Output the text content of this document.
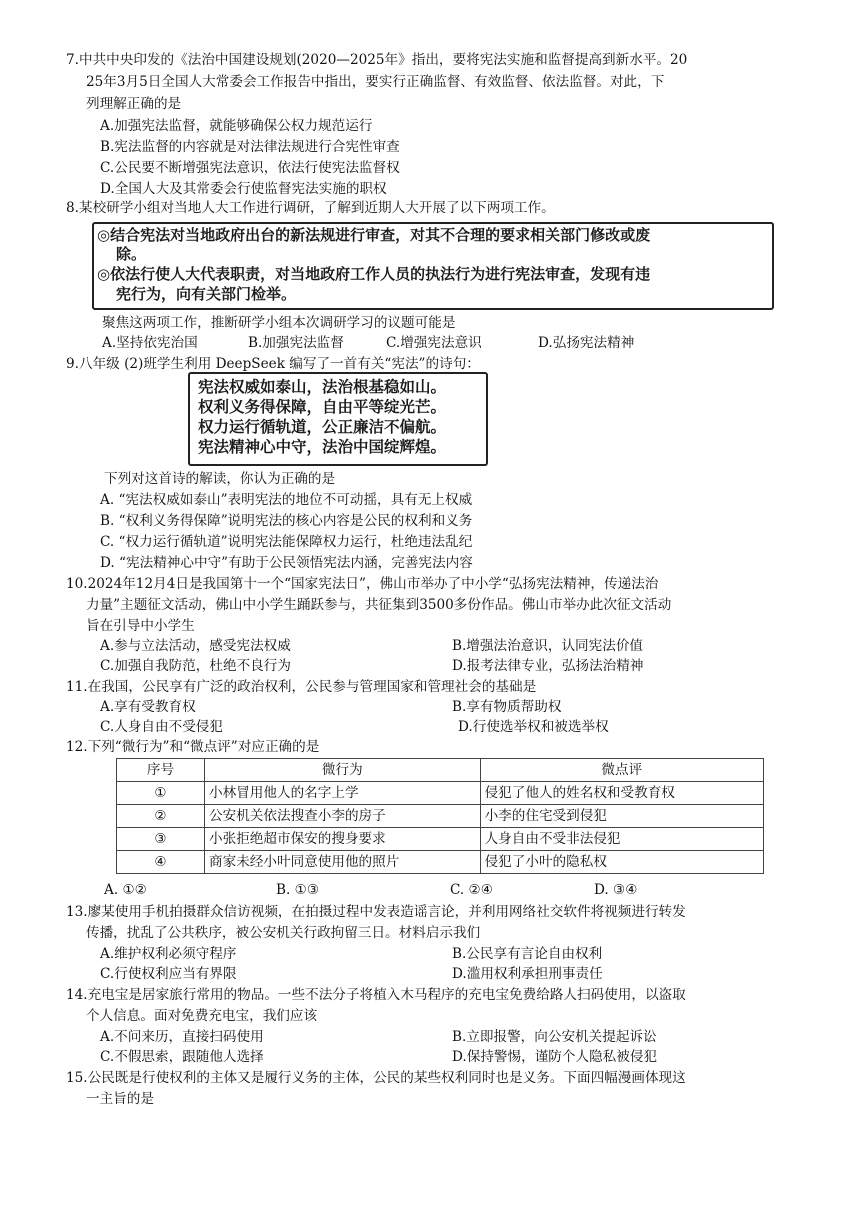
7.中共中央印发的《法治中国建设规划(2020—2025年》指出，要将宪法实施和监督提高到新水平。20
25年3月5日全国人大常委会工作报告中指出，要实行正确监督、有效监督、依法监督。对此，下
列理解正确的是
A.加强宪法监督，就能够确保公权力规范运行
B.宪法监督的内容就是对法律法规进行合宪性审查
C.公民要不断增强宪法意识，依法行使宪法监督权
D.全国人大及其常委会行使监督宪法实施的职权
8.某校研学小组对当地人大工作进行调研，了解到近期人大开展了以下两项工作。
◎结合宪法对当地政府出台的新法规进行审查，对其不合理的要求相关部门修改或废
除。
◎依法行使人大代表职责，对当地政府工作人员的执法行为进行宪法审查，发现有违
宪行为，向有关部门检举。
聚焦这两项工作，推断研学小组本次调研学习的议题可能是
A.坚持依宪治国	B.加强宪法监督	C.增强宪法意识	D.弘扬宪法精神
9.八年级 (2)班学生利用 DeepSeek 编写了一首有关“宪法”的诗句：
宪法权威如泰山，法治根基稳如山。
权利义务得保障，自由平等绽光芒。
权力运行循轨道，公正廉洁不偏航。
宪法精神心中守，法治中国绽辉煌。
下列对这首诗的解读，你认为正确的是
A. “宪法权威如泰山”表明宪法的地位不可动摇，具有无上权威
B. “权利义务得保障”说明宪法的核心内容是公民的权利和义务
C. “权力运行循轨道”说明宪法能保障权力运行，杜绝违法乱纪
D. “宪法精神心中守”有助于公民领悟宪法内涵，完善宪法内容
10.2024年12月4日是我国第十一个“国家宪法日”，佛山市举办了中小学“弘扬宪法精神，传递法治
力量”主题征文活动，佛山中小学生踊跃参与，共征集到3500多份作品。佛山市举办此次征文活动
旨在引导中小学生
A.参与立法活动，感受宪法权威	B.增强法治意识，认同宪法价值
C.加强自我防范，杜绝不良行为	D.报考法律专业，弘扬法治精神
11.在我国，公民享有广泛的政治权利，公民参与管理国家和管理社会的基础是
A.享有受教育权	B.享有物质帮助权
C.人身自由不受侵犯	D.行使选举权和被选举权
12.下列“微行为”和“微点评”对应正确的是
序号	微行为	微点评
①	小林冒用他人的名字上学	侵犯了他人的姓名权和受教育权
②	公安机关依法搜查小李的房子	小李的住宅受到侵犯
③	小张拒绝超市保安的搜身要求	人身自由不受非法侵犯
④	商家未经小叶同意使用他的照片	侵犯了小叶的隐私权
A. ①②	B. ①③	C. ②④	D. ③④
13.廖某使用手机拍摄群众信访视频，在拍摄过程中发表造谣言论，并利用网络社交软件将视频进行转发
传播，扰乱了公共秩序，被公安机关行政拘留三日。材料启示我们
A.维护权利必须守程序	B.公民享有言论自由权利
C.行使权利应当有界限	D.滥用权利承担刑事责任
14.充电宝是居家旅行常用的物品。一些不法分子将植入木马程序的充电宝免费给路人扫码使用，以盗取
个人信息。面对免费充电宝，我们应该
A.不问来历，直接扫码使用	B.立即报警，向公安机关提起诉讼
C.不假思索，跟随他人选择	D.保持警惕，谨防个人隐私被侵犯
15.公民既是行使权利的主体又是履行义务的主体，公民的某些权利同时也是义务。下面四幅漫画体现这
一主旨的是
